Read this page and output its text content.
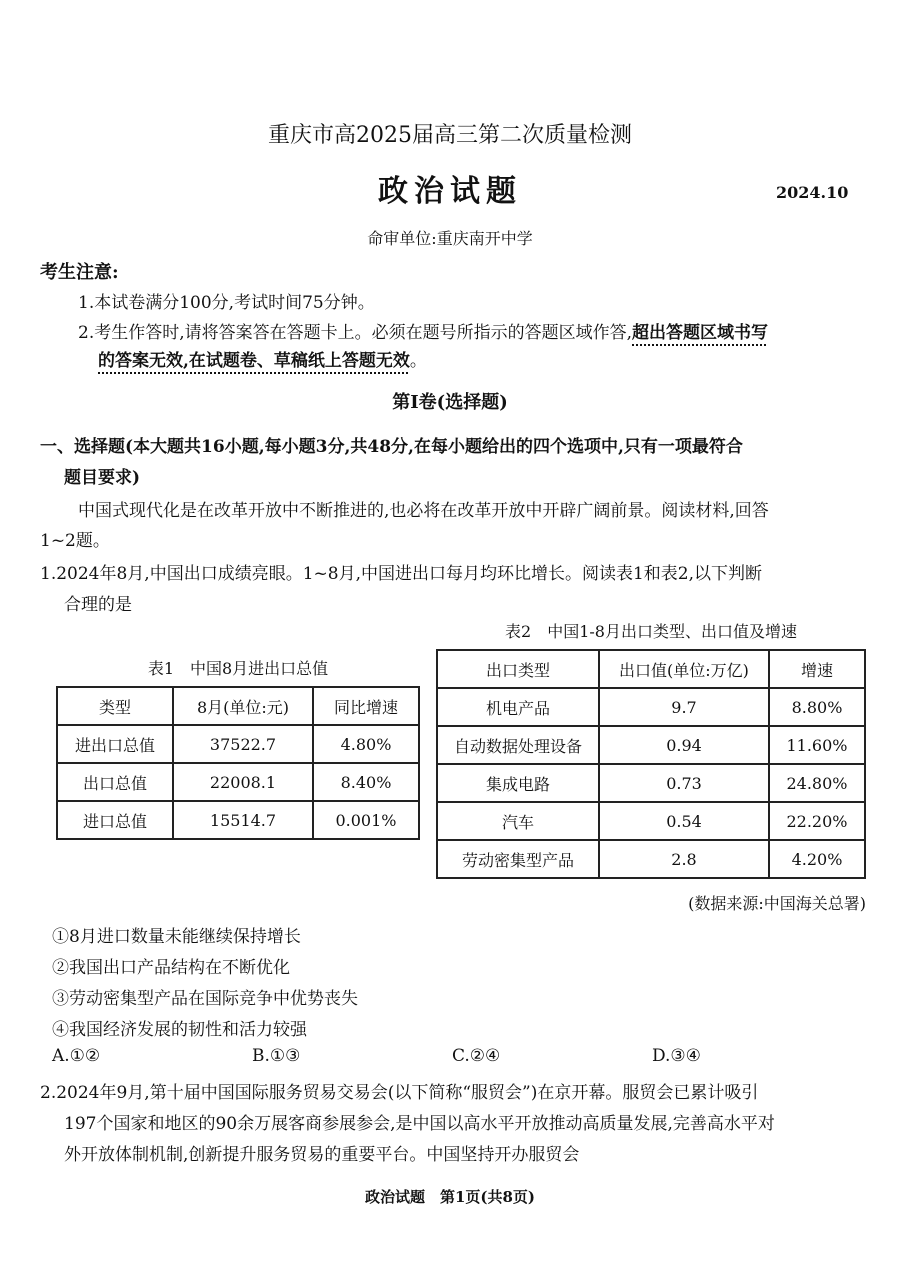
重庆市高2025届高三第二次质量检测
政治试题	2024.10
命审单位:重庆南开中学
考生注意:
1.本试卷满分100分,考试时间75分钟。
2.考生作答时,请将答案答在答题卡上。必须在题号所指示的答题区域作答,超出答题区域书写
的答案无效,在试题卷、草稿纸上答题无效。
第Ⅰ卷(选择题)
一、选择题(本大题共16小题,每小题3分,共48分,在每小题给出的四个选项中,只有一项最符合
题目要求)
中国式现代化是在改革开放中不断推进的,也必将在改革开放中开辟广阔前景。阅读材料,回答
1~2题。
1.2024年8月,中国出口成绩亮眼。1~8月,中国进出口每月均环比增长。阅读表1和表2,以下判断
合理的是
表1　中国8月进出口总值
类型	8月(单位:元)	同比增速
进出口总值	37522.7	4.80%
出口总值	22008.1	8.40%
进口总值	15514.7	0.001%
表2　中国1-8月出口类型、出口值及增速
出口类型	出口值(单位:万亿)	增速
机电产品	9.7	8.80%
自动数据处理设备	0.94	11.60%
集成电路	0.73	24.80%
汽车	0.54	22.20%
劳动密集型产品	2.8	4.20%
(数据来源:中国海关总署)
①8月进口数量未能继续保持增长
②我国出口产品结构在不断优化
③劳动密集型产品在国际竞争中优势丧失
④我国经济发展的韧性和活力较强
A.①②	B.①③	C.②④	D.③④
2.2024年9月,第十届中国国际服务贸易交易会(以下简称“服贸会”)在京开幕。服贸会已累计吸引
197个国家和地区的90余万展客商参展参会,是中国以高水平开放推动高质量发展,完善高水平对
外开放体制机制,创新提升服务贸易的重要平台。中国坚持开办服贸会
政治试题　第1页(共8页)
